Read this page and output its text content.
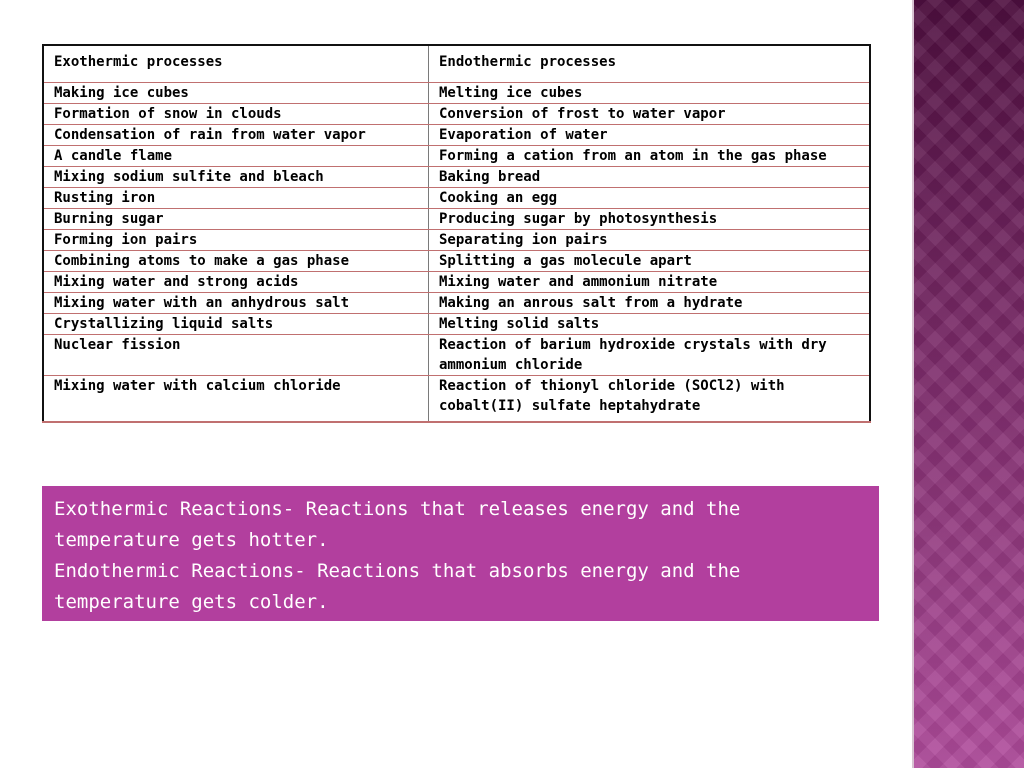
Exothermic processes	Endothermic processes
Making ice cubes	Melting ice cubes
Formation of snow in clouds	Conversion of frost to water vapor
Condensation of rain from water vapor	Evaporation of water
A candle flame	Forming a cation from an atom in the gas phase
Mixing sodium sulfite and bleach	Baking bread
Rusting iron	Cooking an egg
Burning sugar	Producing sugar by photosynthesis
Forming ion pairs	Separating ion pairs
Combining atoms to make a gas phase	Splitting a gas molecule apart
Mixing water and strong acids	Mixing water and ammonium nitrate
Mixing water with an anhydrous salt	Making an anrous salt from a hydrate
Crystallizing liquid salts	Melting solid salts
Nuclear fission	Reaction of barium hydroxide crystals with dry ammonium chloride
Mixing water with calcium chloride	Reaction of thionyl chloride (SOCl2) with cobalt(II) sulfate heptahydrate
Exothermic Reactions- Reactions that releases energy and the temperature gets hotter.
Endothermic Reactions- Reactions that absorbs energy and the temperature gets colder.
